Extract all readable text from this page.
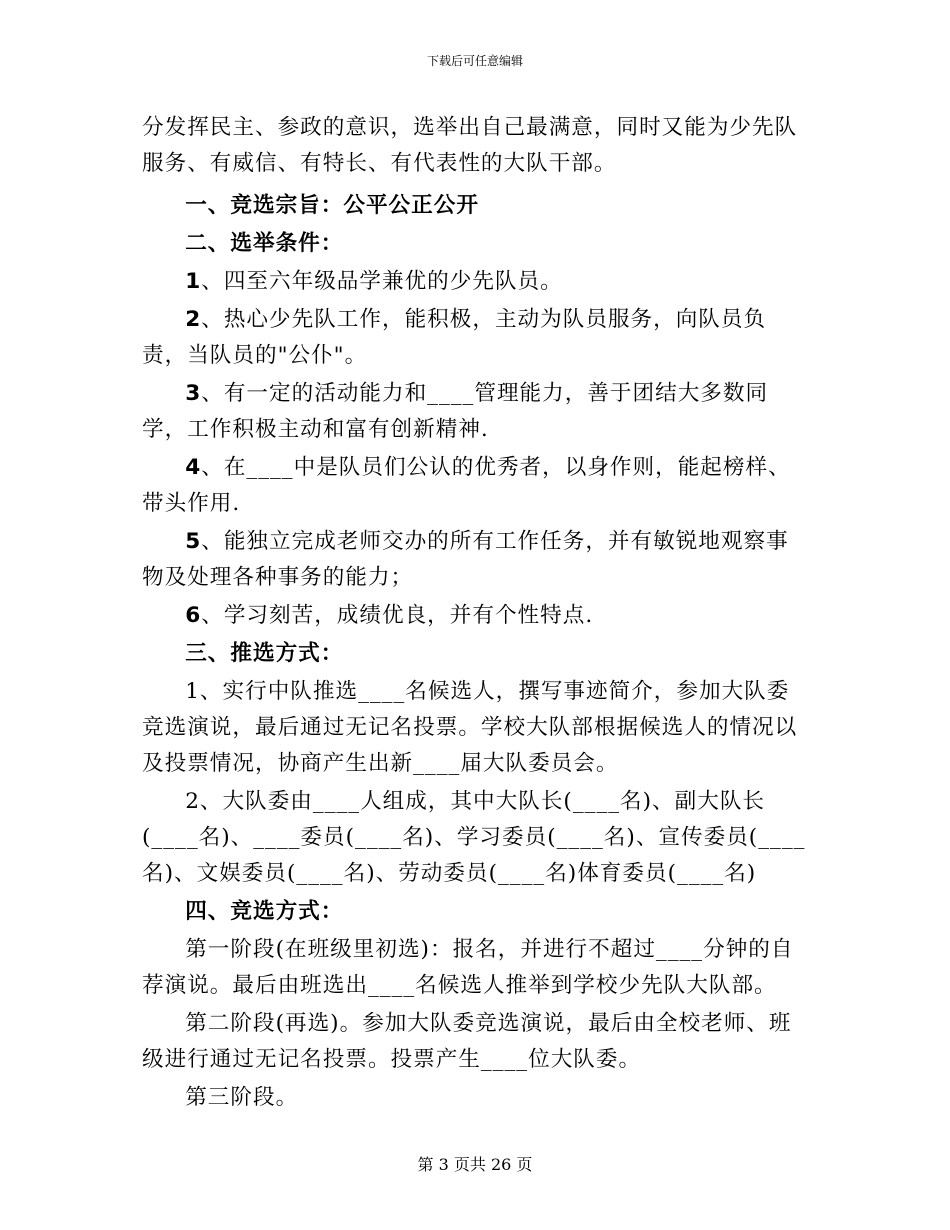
下载后可任意编辑

分发挥民主、参政的意识，选举出自己最满意，同时又能为少先队服务、有威信、有特长、有代表性的大队干部。

一、竞选宗旨：公平公正公开

二、选举条件：

1、四至六年级品学兼优的少先队员。

2、热心少先队工作，能积极，主动为队员服务，向队员负责，当队员的"公仆"。

3、有一定的活动能力和____管理能力，善于团结大多数同学，工作积极主动和富有创新精神.

4、在____中是队员们公认的优秀者，以身作则，能起榜样、带头作用.

5、能独立完成老师交办的所有工作任务，并有敏锐地观察事物及处理各种事务的能力；

6、学习刻苦，成绩优良，并有个性特点.

三、推选方式：

1、实行中队推选____名候选人，撰写事迹简介，参加大队委竞选演说，最后通过无记名投票。学校大队部根据候选人的情况以及投票情况，协商产生出新____届大队委员会。

2、大队委由____人组成，其中大队长(____名)、副大队长(____名)、____委员(____名)、学习委员(____名)、宣传委员(____名)、文娱委员(____名)、劳动委员(____名)体育委员(____名)

四、竞选方式：

第一阶段(在班级里初选)：报名，并进行不超过____分钟的自荐演说。最后由班选出____名候选人推举到学校少先队大队部。

第二阶段(再选)。参加大队委竞选演说，最后由全校老师、班级进行通过无记名投票。投票产生____位大队委。

第三阶段。

第 3 页共 26 页
